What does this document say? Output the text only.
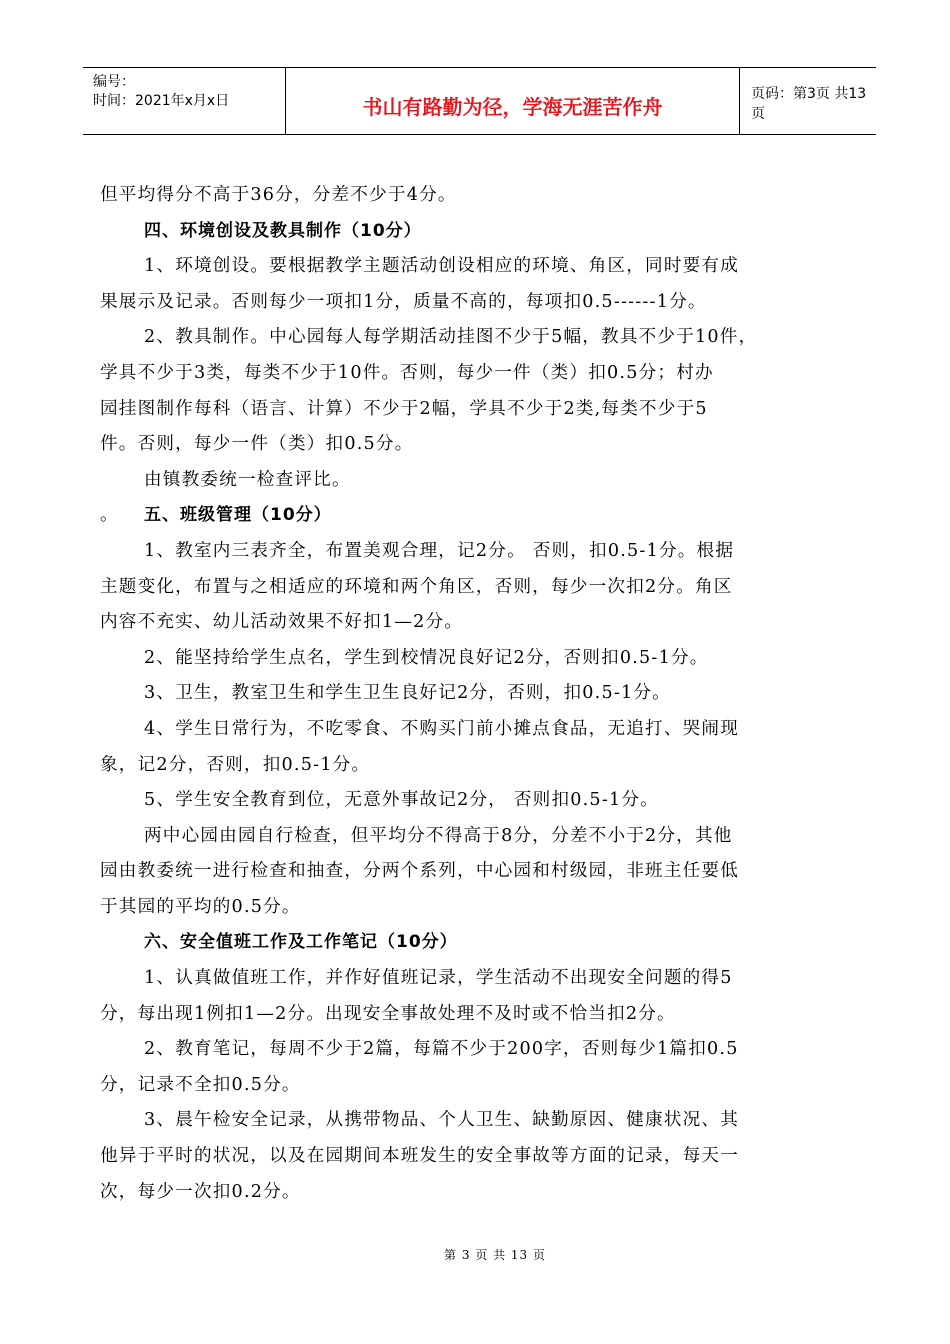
编号：
时间：2021年x月x日	书山有路勤为径，学海无涯苦作舟
页码：第3页 共13页
但平均得分不高于36分，分差不少于4分。
四、环境创设及教具制作（10分）
1、环境创设。要根据教学主题活动创设相应的环境、角区，同时要有成
果展示及记录。否则每少一项扣1分，质量不高的，每项扣0.5------1分。
2、教具制作。中心园每人每学期活动挂图不少于5幅，教具不少于10件，
学具不少于3类，每类不少于10件。否则，每少一件（类）扣0.5分；村办
园挂图制作每科（语言、计算）不少于2幅，学具不少于2类,每类不少于5
件。否则，每少一件（类）扣0.5分。
由镇教委统一检查评比。
。	五、班级管理（10分）
1、教室内三表齐全，布置美观合理，记2分。 否则，扣0.5-1分。根据
主题变化，布置与之相适应的环境和两个角区，否则，每少一次扣2分。角区
内容不充实、幼儿活动效果不好扣1—2分。
2、能坚持给学生点名，学生到校情况良好记2分，否则扣0.5-1分。
3、卫生，教室卫生和学生卫生良好记2分，否则，扣0.5-1分。
4、学生日常行为，不吃零食、不购买门前小摊点食品，无追打、哭闹现
象，记2分，否则，扣0.5-1分。
5、学生安全教育到位，无意外事故记2分， 否则扣0.5-1分。
两中心园由园自行检查，但平均分不得高于8分，分差不小于2分，其他
园由教委统一进行检查和抽查，分两个系列，中心园和村级园，非班主任要低
于其园的平均的0.5分。
六、安全值班工作及工作笔记（10分）
1、认真做值班工作，并作好值班记录，学生活动不出现安全问题的得5
分，每出现1例扣1—2分。出现安全事故处理不及时或不恰当扣2分。
2、教育笔记，每周不少于2篇，每篇不少于200字，否则每少1篇扣0.5
分，记录不全扣0.5分。
3、晨午检安全记录，从携带物品、个人卫生、缺勤原因、健康状况、其
他异于平时的状况，以及在园期间本班发生的安全事故等方面的记录，每天一
次，每少一次扣0.2分。
第 3 页 共 13 页
